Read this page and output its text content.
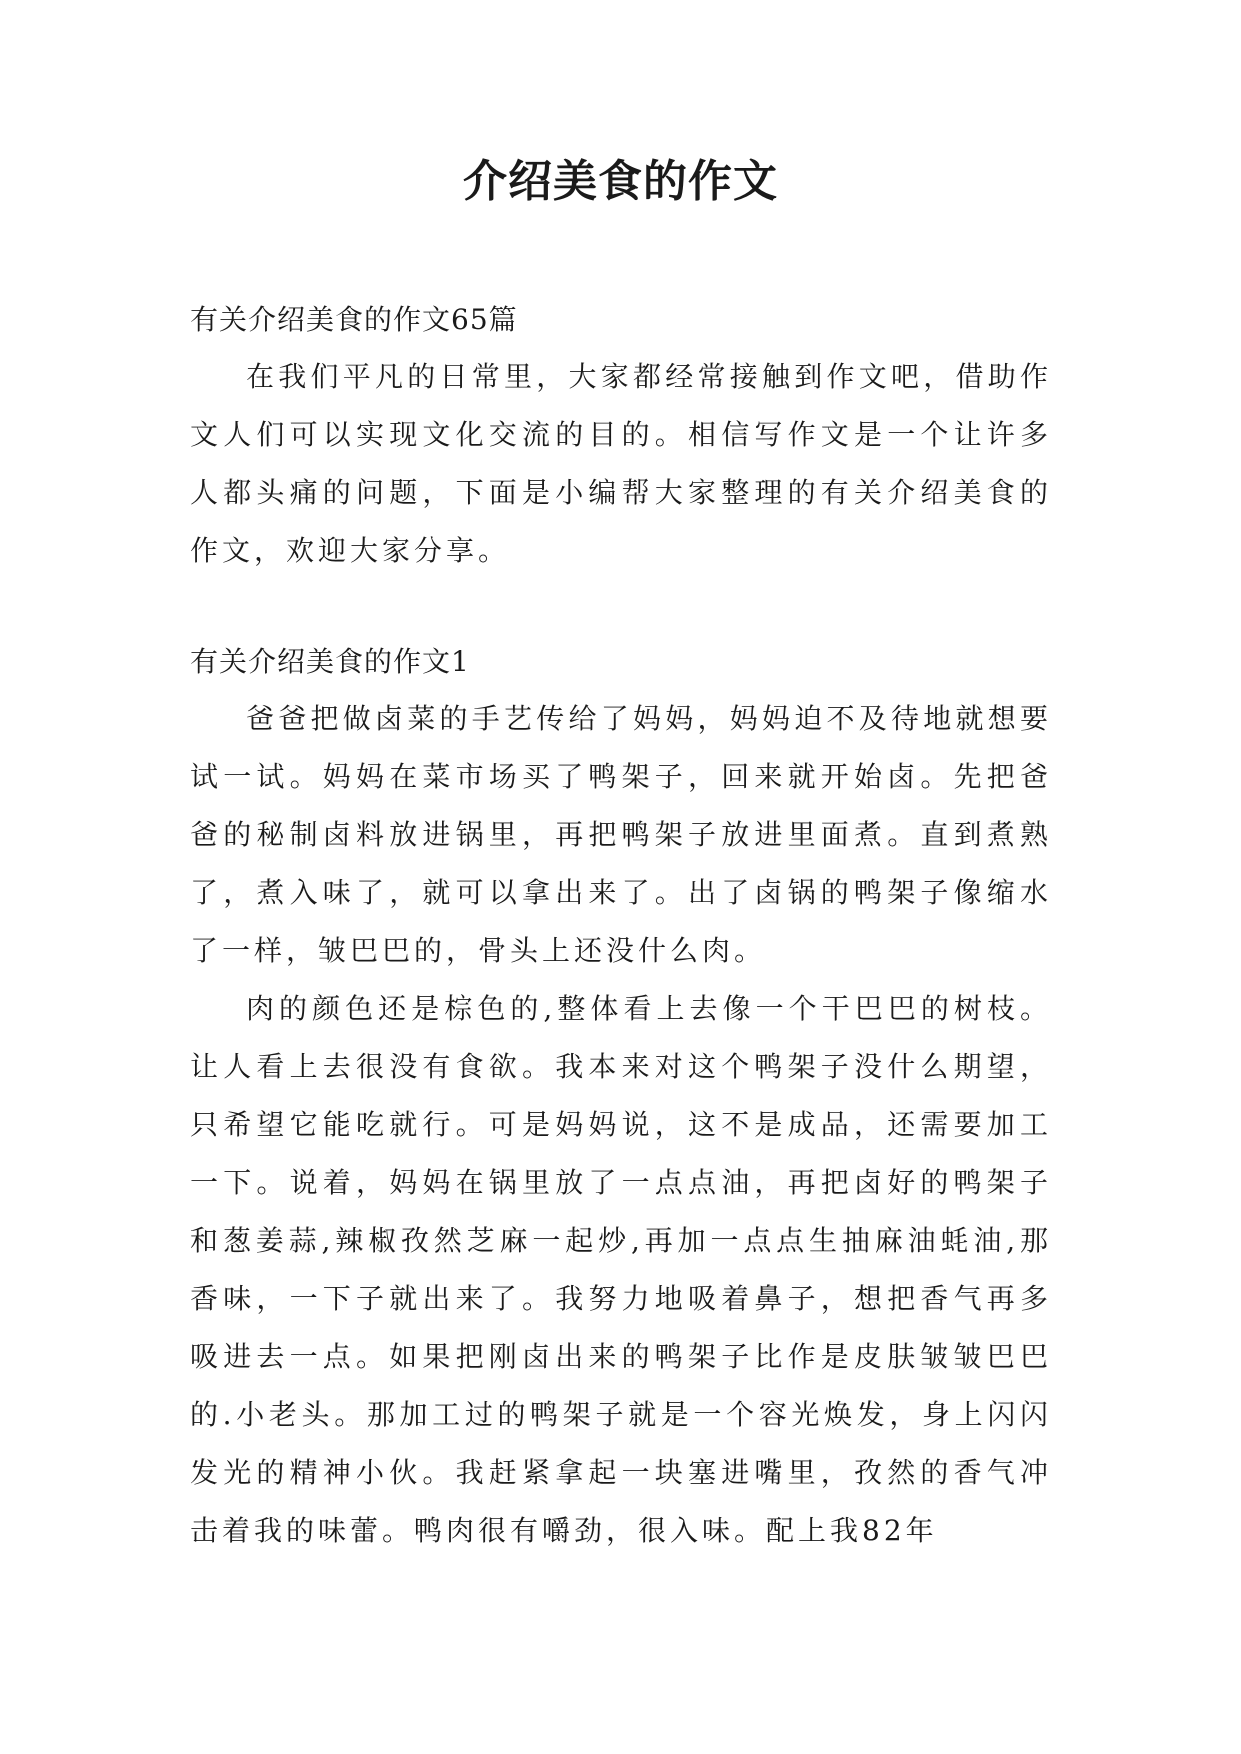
介绍美食的作文

有关介绍美食的作文65篇

在我们平凡的日常里，大家都经常接触到作文吧，借助作文人们可以实现文化交流的目的。相信写作文是一个让许多人都头痛的问题，下面是小编帮大家整理的有关介绍美食的作文，欢迎大家分享。

有关介绍美食的作文1

爸爸把做卤菜的手艺传给了妈妈，妈妈迫不及待地就想要试一试。妈妈在菜市场买了鸭架子，回来就开始卤。先把爸爸的秘制卤料放进锅里，再把鸭架子放进里面煮。直到煮熟了，煮入味了，就可以拿出来了。出了卤锅的鸭架子像缩水了一样，皱巴巴的，骨头上还没什么肉。

肉的颜色还是棕色的,整体看上去像一个干巴巴的树枝。让人看上去很没有食欲。我本来对这个鸭架子没什么期望，只希望它能吃就行。可是妈妈说，这不是成品，还需要加工一下。说着，妈妈在锅里放了一点点油，再把卤好的鸭架子和葱姜蒜,辣椒孜然芝麻一起炒,再加一点点生抽麻油蚝油,那香味，一下子就出来了。我努力地吸着鼻子，想把香气再多吸进去一点。如果把刚卤出来的鸭架子比作是皮肤皱皱巴巴的.小老头。那加工过的鸭架子就是一个容光焕发，身上闪闪发光的精神小伙。我赶紧拿起一块塞进嘴里，孜然的香气冲击着我的味蕾。鸭肉很有嚼劲，很入味。配上我82年
